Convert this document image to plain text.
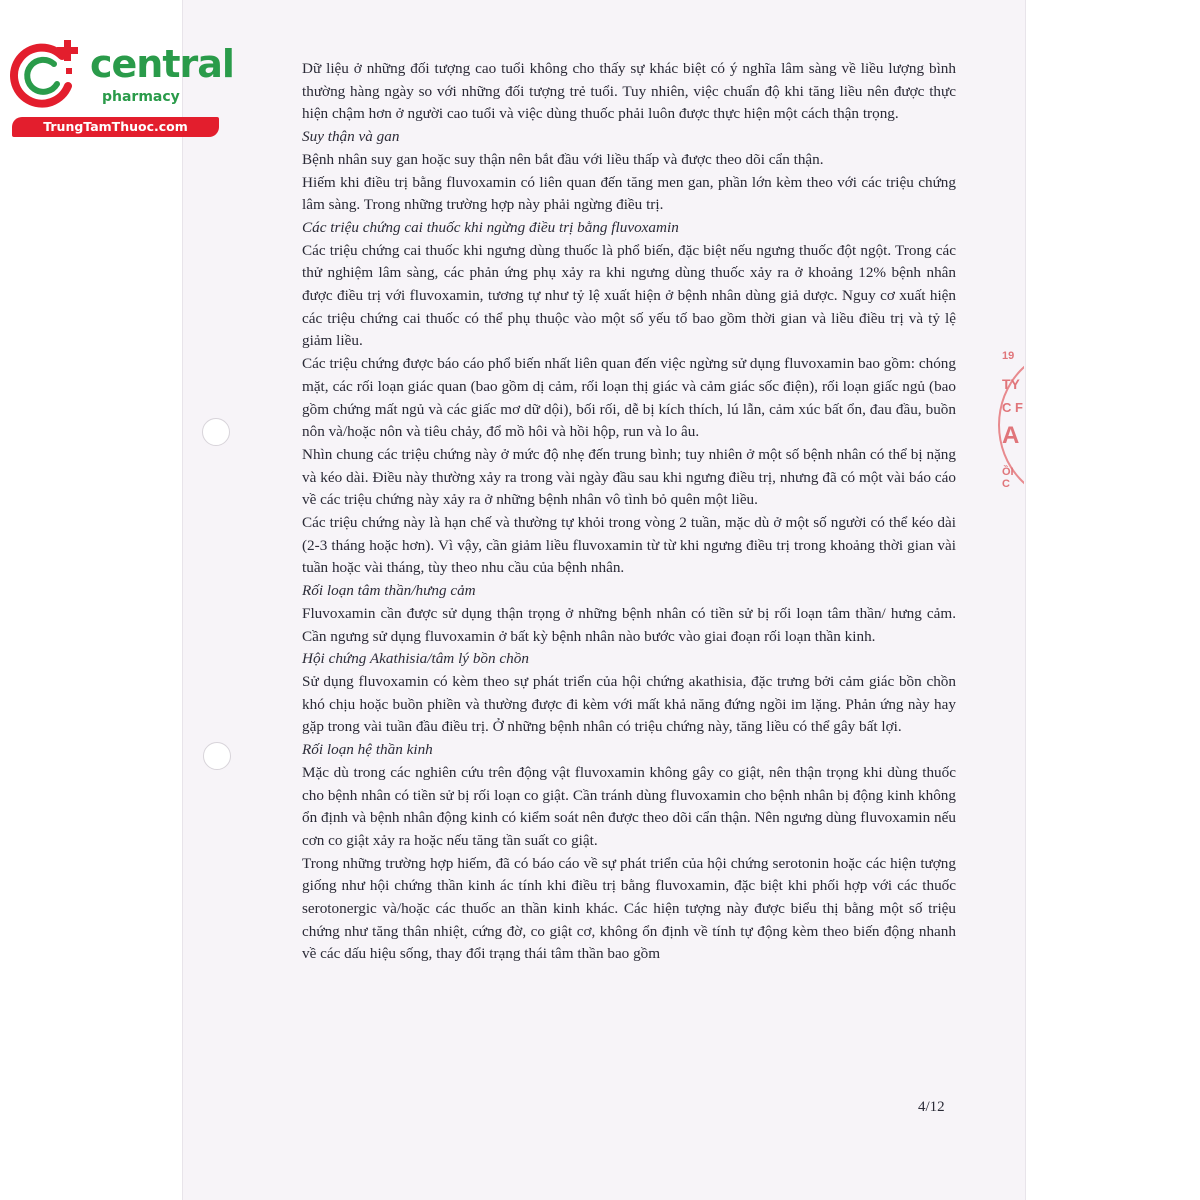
19
TY
C F
A
ỒI C
central
pharmacy
TrungTamThuoc.com

Dữ liệu ở những đối tượng cao tuổi không cho thấy sự khác biệt có ý nghĩa lâm sàng về liều lượng bình thường hàng ngày so với những đối tượng trẻ tuổi. Tuy nhiên, việc chuẩn độ khi tăng liều nên được thực hiện chậm hơn ở người cao tuổi và việc dùng thuốc phải luôn được thực hiện một cách thận trọng.

Suy thận và gan

Bệnh nhân suy gan hoặc suy thận nên bắt đầu với liều thấp và được theo dõi cẩn thận.

Hiếm khi điều trị bằng fluvoxamin có liên quan đến tăng men gan, phần lớn kèm theo với các triệu chứng lâm sàng. Trong những trường hợp này phải ngừng điều trị.

Các triệu chứng cai thuốc khi ngừng điều trị bằng fluvoxamin

Các triệu chứng cai thuốc khi ngưng dùng thuốc là phổ biến, đặc biệt nếu ngưng thuốc đột ngột. Trong các thử nghiệm lâm sàng, các phản ứng phụ xảy ra khi ngưng dùng thuốc xảy ra ở khoảng 12% bệnh nhân được điều trị với fluvoxamin, tương tự như tỷ lệ xuất hiện ở bệnh nhân dùng giả dược. Nguy cơ xuất hiện các triệu chứng cai thuốc có thể phụ thuộc vào một số yếu tố bao gồm thời gian và liều điều trị và tỷ lệ giảm liều.

Các triệu chứng được báo cáo phổ biến nhất liên quan đến việc ngừng sử dụng fluvoxamin bao gồm: chóng mặt, các rối loạn giác quan (bao gồm dị cảm, rối loạn thị giác và cảm giác sốc điện), rối loạn giấc ngủ (bao gồm chứng mất ngủ và các giấc mơ dữ dội), bối rối, dễ bị kích thích, lú lẫn, cảm xúc bất ổn, đau đầu, buồn nôn và/hoặc nôn và tiêu chảy, đổ mồ hôi và hồi hộp, run và lo âu.

Nhìn chung các triệu chứng này ở mức độ nhẹ đến trung bình; tuy nhiên ở một số bệnh nhân có thể bị nặng và kéo dài. Điều này thường xảy ra trong vài ngày đầu sau khi ngưng điều trị, nhưng đã có một vài báo cáo về các triệu chứng này xảy ra ở những bệnh nhân vô tình bỏ quên một liều.

Các triệu chứng này là hạn chế và thường tự khỏi trong vòng 2 tuần, mặc dù ở một số người có thể kéo dài (2-3 tháng hoặc hơn). Vì vậy, cần giảm liều fluvoxamin từ từ khi ngưng điều trị trong khoảng thời gian vài tuần hoặc vài tháng, tùy theo nhu cầu của bệnh nhân.

Rối loạn tâm thần/hưng cảm

Fluvoxamin cần được sử dụng thận trọng ở những bệnh nhân có tiền sử bị rối loạn tâm thần/ hưng cảm. Cần ngưng sử dụng fluvoxamin ở bất kỳ bệnh nhân nào bước vào giai đoạn rối loạn thần kinh.

Hội chứng Akathisia/tâm lý bồn chồn

Sử dụng fluvoxamin có kèm theo sự phát triển của hội chứng akathisia, đặc trưng bởi cảm giác bồn chồn khó chịu hoặc buồn phiền và thường được đi kèm với mất khả năng đứng ngồi im lặng. Phản ứng này hay gặp trong vài tuần đầu điều trị. Ở những bệnh nhân có triệu chứng này, tăng liều có thể gây bất lợi.

Rối loạn hệ thần kinh

Mặc dù trong các nghiên cứu trên động vật fluvoxamin không gây co giật, nên thận trọng khi dùng thuốc cho bệnh nhân có tiền sử bị rối loạn co giật. Cần tránh dùng fluvoxamin cho bệnh nhân bị động kinh không ổn định và bệnh nhân động kinh có kiểm soát nên được theo dõi cẩn thận. Nên ngưng dùng fluvoxamin nếu cơn co giật xảy ra hoặc nếu tăng tần suất co giật.

Trong những trường hợp hiếm, đã có báo cáo về sự phát triển của hội chứng serotonin hoặc các hiện tượng giống như hội chứng thần kinh ác tính khi điều trị bằng fluvoxamin, đặc biệt khi phối hợp với các thuốc serotonergic và/hoặc các thuốc an thần kinh khác. Các hiện tượng này được biểu thị bằng một số triệu chứng như tăng thân nhiệt, cứng đờ, co giật cơ, không ổn định về tính tự động kèm theo biến động nhanh về các dấu hiệu sống, thay đổi trạng thái tâm thần bao gồm

4/12
